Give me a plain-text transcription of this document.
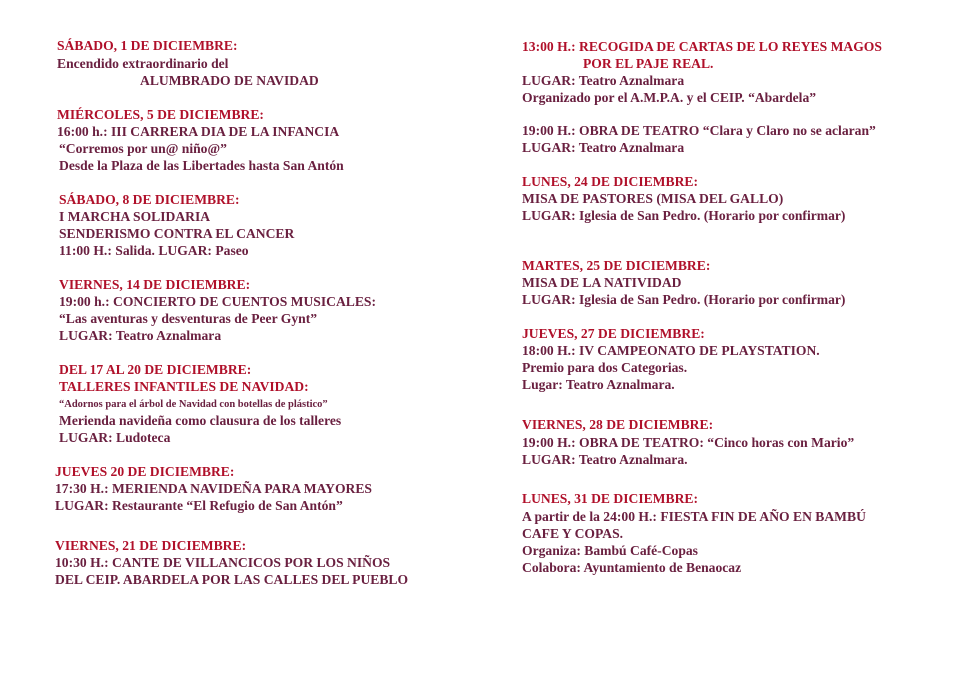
SÁBADO, 1 DE DICIEMBRE:
Encendido extraordinario del
ALUMBRADO DE NAVIDAD
MIÉRCOLES, 5 DE DICIEMBRE:
16:00 h.: III CARRERA DIA DE LA INFANCIA
“Corremos por un@ niño@”
Desde la Plaza de las Libertades hasta San Antón
SÁBADO, 8 DE DICIEMBRE:
I MARCHA SOLIDARIA
SENDERISMO CONTRA EL CANCER
11:00 H.: Salida. LUGAR: Paseo
VIERNES, 14 DE DICIEMBRE:
19:00 h.: CONCIERTO DE CUENTOS MUSICALES:
“Las aventuras y desventuras de Peer Gynt”
LUGAR: Teatro Aznalmara
DEL 17 AL 20 DE DICIEMBRE:
TALLERES INFANTILES DE NAVIDAD:
“Adornos para el árbol de Navidad con botellas de plástico”
Merienda navideña como clausura de los talleres
LUGAR: Ludoteca
JUEVES 20 DE DICIEMBRE:
17:30 H.: MERIENDA NAVIDEÑA PARA MAYORES
LUGAR: Restaurante “El Refugio de San Antón”
VIERNES, 21 DE DICIEMBRE:
10:30 H.: CANTE DE VILLANCICOS POR LOS NIÑOS
DEL CEIP. ABARDELA POR LAS CALLES DEL PUEBLO
13:00 H.: RECOGIDA DE CARTAS DE LO REYES MAGOS
POR EL PAJE REAL.
LUGAR: Teatro Aznalmara
Organizado por el A.M.P.A. y el CEIP. “Abardela”
19:00 H.: OBRA DE TEATRO “Clara y Claro no se aclaran”
LUGAR: Teatro Aznalmara
LUNES, 24 DE DICIEMBRE:
MISA DE PASTORES (MISA DEL GALLO)
LUGAR: Iglesia de San Pedro. (Horario por confirmar)
MARTES, 25 DE DICIEMBRE:
MISA DE LA NATIVIDAD
LUGAR: Iglesia de San Pedro. (Horario por confirmar)
JUEVES, 27 DE DICIEMBRE:
18:00 H.: IV CAMPEONATO DE PLAYSTATION.
Premio para dos Categorias.
Lugar: Teatro Aznalmara.
VIERNES, 28 DE DICIEMBRE:
19:00 H.: OBRA DE TEATRO: “Cinco horas con Mario”
LUGAR: Teatro Aznalmara.
LUNES, 31 DE DICIEMBRE:
A partir de la 24:00 H.: FIESTA FIN DE AÑO EN BAMBÚ
CAFE Y COPAS.
Organiza: Bambú Café-Copas
Colabora: Ayuntamiento de Benaocaz
